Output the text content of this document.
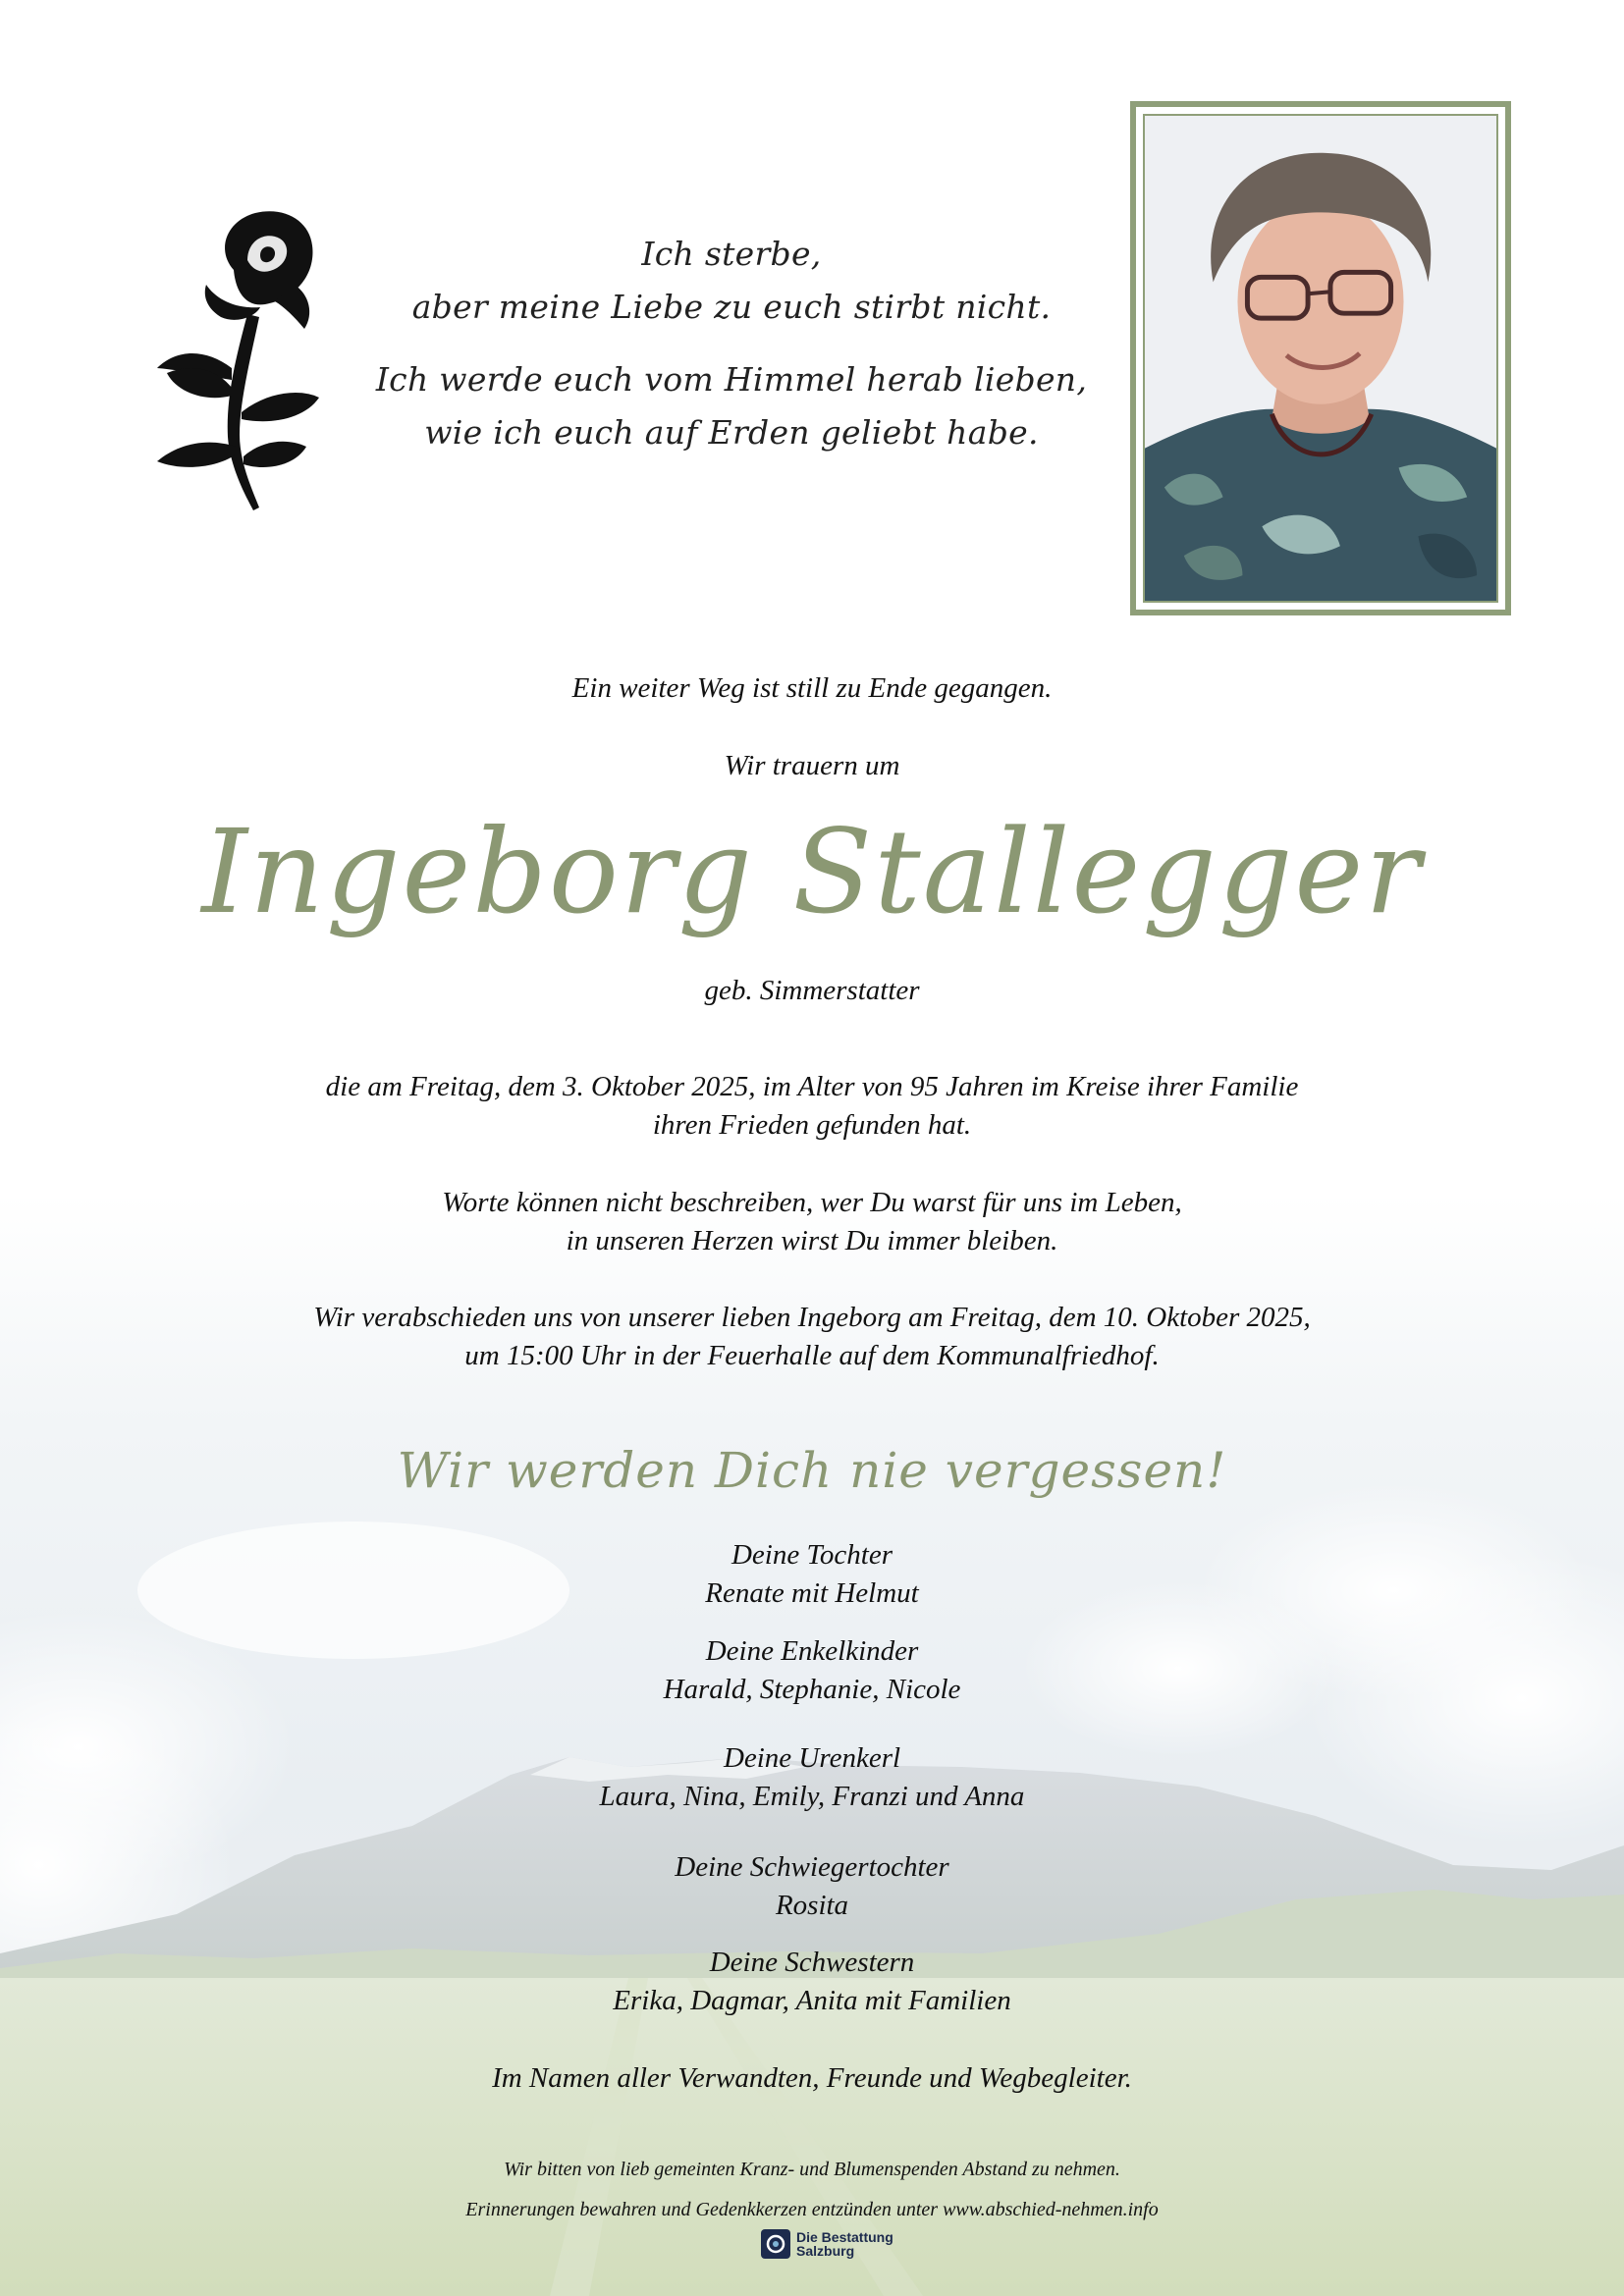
Ich sterbe,
aber meine Liebe zu euch stirbt nicht.
Ich werde euch vom Himmel herab lieben,
wie ich euch auf Erden geliebt habe.
Ein weiter Weg ist still zu Ende gegangen.
Wir trauern um
Ingeborg Stallegger
geb. Simmerstatter
die am Freitag, dem 3. Oktober 2025, im Alter von 95 Jahren im Kreise ihrer Familie
ihren Frieden gefunden hat.
Worte können nicht beschreiben, wer Du warst für uns im Leben,
in unseren Herzen wirst Du immer bleiben.
Wir verabschieden uns von unserer lieben Ingeborg am Freitag, dem 10. Oktober 2025,
um 15:00 Uhr in der Feuerhalle auf dem Kommunalfriedhof.
Wir werden Dich nie vergessen!
Deine Tochter
Renate mit Helmut
Deine Enkelkinder
Harald, Stephanie, Nicole
Deine Urenkerl
Laura, Nina, Emily, Franzi und Anna
Deine Schwiegertochter
Rosita
Deine Schwestern
Erika, Dagmar, Anita mit Familien
Im Namen aller Verwandten, Freunde und Wegbegleiter.
Wir bitten von lieb gemeinten Kranz- und Blumenspenden Abstand zu nehmen.
Erinnerungen bewahren und Gedenkkerzen entzünden unter www.abschied-nehmen.info
Die Bestattung
Salzburg
